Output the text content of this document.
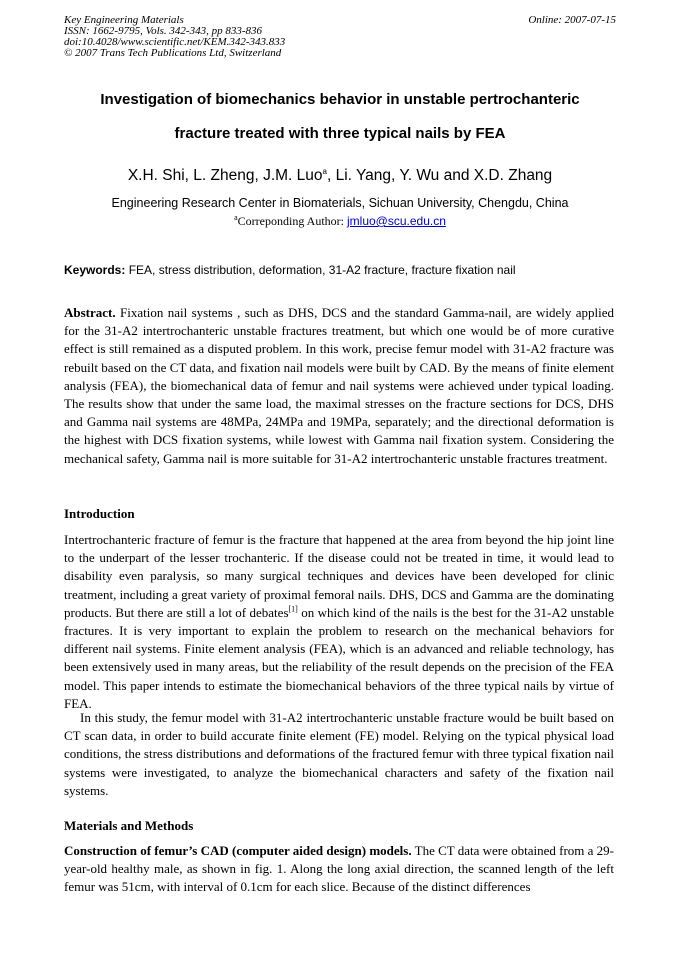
Key Engineering Materials
ISSN: 1662-9795, Vols. 342-343, pp 833-836
doi:10.4028/www.scientific.net/KEM.342-343.833
© 2007 Trans Tech Publications Ltd, Switzerland
Online: 2007-07-15
Investigation of biomechanics behavior in unstable pertrochanteric
fracture treated with three typical nails by FEA
X.H. Shi, L. Zheng, J.M. Luo$^a$, Li. Yang, Y. Wu and X.D. Zhang
Engineering Research Center in Biomaterials, Sichuan University, Chengdu, China
$^a$Correponding Author: jmluo@scu.edu.cn
Keywords: FEA, stress distribution, deformation, 31-A2 fracture, fracture fixation nail
Abstract. Fixation nail systems , such as DHS, DCS and the standard Gamma-nail, are widely applied for the 31-A2 intertrochanteric unstable fractures treatment, but which one would be of more curative effect is still remained as a disputed problem. In this work, precise femur model with 31-A2 fracture was rebuilt based on the CT data, and fixation nail models were built by CAD. By the means of finite element analysis (FEA), the biomechanical data of femur and nail systems were achieved under typical loading. The results show that under the same load, the maximal stresses on the fracture sections for DCS, DHS and Gamma nail systems are 48MPa, 24MPa and 19MPa, separately; and the directional deformation is the highest with DCS fixation systems, while lowest with Gamma nail fixation system. Considering the mechanical safety, Gamma nail is more suitable for 31-A2 intertrochanteric unstable fractures treatment.
Introduction
Intertrochanteric fracture of femur is the fracture that happened at the area from beyond the hip joint line to the underpart of the lesser trochanteric. If the disease could not be treated in time, it would lead to disability even paralysis, so many surgical techniques and devices have been developed for clinic treatment, including a great variety of proximal femoral nails. DHS, DCS and Gamma are the dominating products. But there are still a lot of debates[1] on which kind of the nails is the best for the 31-A2 unstable fractures. It is very important to explain the problem to research on the mechanical behaviors for different nail systems. Finite element analysis (FEA), which is an advanced and reliable technology, has been extensively used in many areas, but the reliability of the result depends on the precision of the FEA model. This paper intends to estimate the biomechanical behaviors of the three typical nails by virtue of FEA.
In this study, the femur model with 31-A2 intertrochanteric unstable fracture would be built based on CT scan data, in order to build accurate finite element (FE) model. Relying on the typical physical load conditions, the stress distributions and deformations of the fractured femur with three typical fixation nail systems were investigated, to analyze the biomechanical characters and safety of the fixation nail systems.
Materials and Methods
Construction of femur’s CAD (computer aided design) models. The CT data were obtained from a 29-year-old healthy male, as shown in fig. 1. Along the long axial direction, the scanned length of the left femur was 51cm, with interval of 0.1cm for each slice. Because of the distinct differences
